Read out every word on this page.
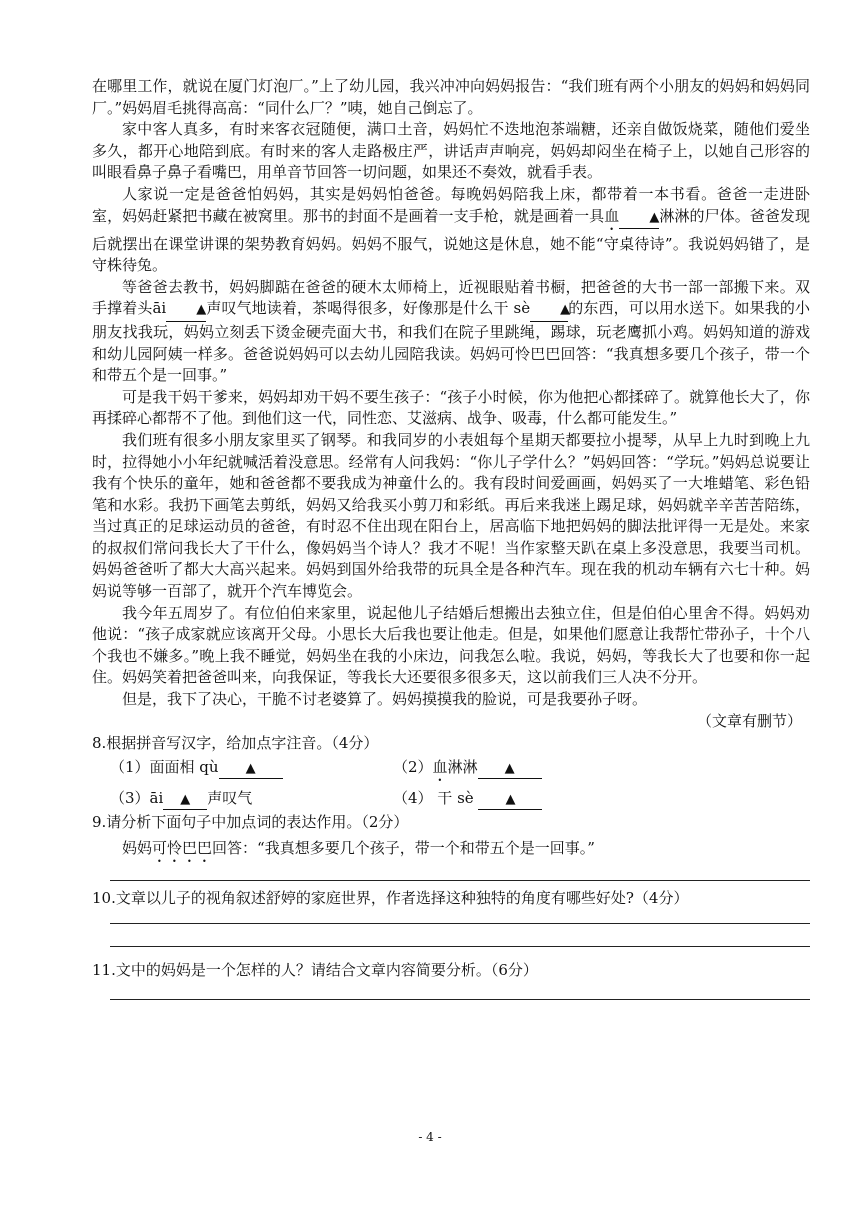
在哪里工作，就说在厦门灯泡厂。”上了幼儿园，我兴冲冲向妈妈报告：“我们班有两个小朋友的妈妈和妈妈同厂。”妈妈眉毛挑得高高：“同什么厂？”咦，她自己倒忘了。

家中客人真多，有时来客衣冠随便，满口土音，妈妈忙不迭地泡茶端糖，还亲自做饭烧菜，随他们爱坐多久，都开心地陪到底。有时来的客人走路极庄严，讲话声声响亮，妈妈却闷坐在椅子上，以她自己形容的叫眼看鼻子鼻子看嘴巴，用单音节回答一切问题，如果还不奏效，就看手表。

人家说一定是爸爸怕妈妈，其实是妈妈怕爸爸。每晚妈妈陪我上床，都带着一本书看。爸爸一走进卧室，妈妈赶紧把书藏在被窝里。那书的封面不是画着一支手枪，就是画着一具血 ▲淋淋的尸体。爸爸发现后就摆出在课堂讲课的架势教育妈妈。妈妈不服气，说她这是休息，她不能“守桌待诗”。我说妈妈错了，是守株待兔。

等爸爸去教书，妈妈脚踮在爸爸的硬木太师椅上，近视眼贴着书橱，把爸爸的大书一部一部搬下来。双手撑着头āi ▲声叹气地读着，茶喝得很多，好像那是什么干 sè ▲的东西，可以用水送下。如果我的小朋友找我玩，妈妈立刻丢下烫金硬壳面大书，和我们在院子里跳绳，踢球，玩老鹰抓小鸡。妈妈知道的游戏和幼儿园阿姨一样多。爸爸说妈妈可以去幼儿园陪我读。妈妈可怜巴巴回答：“我真想多要几个孩子，带一个和带五个是一回事。”

可是我干妈干爹来，妈妈却劝干妈不要生孩子：“孩子小时候，你为他把心都揉碎了。就算他长大了，你再揉碎心都帮不了他。到他们这一代，同性恋、艾滋病、战争、吸毒，什么都可能发生。”

我们班有很多小朋友家里买了钢琴。和我同岁的小表姐每个星期天都要拉小提琴，从早上九时到晚上九时，拉得她小小年纪就喊活着没意思。经常有人问我妈：“你儿子学什么？”妈妈回答：“学玩。”妈妈总说要让我有个快乐的童年，她和爸爸都不要我成为神童什么的。我有段时间爱画画，妈妈买了一大堆蜡笔、彩色铅笔和水彩。我扔下画笔去剪纸，妈妈又给我买小剪刀和彩纸。再后来我迷上踢足球，妈妈就辛辛苦苦陪练，当过真正的足球运动员的爸爸，有时忍不住出现在阳台上，居高临下地把妈妈的脚法批评得一无是处。来家的叔叔们常问我长大了干什么，像妈妈当个诗人？我才不呢！当作家整天趴在桌上多没意思，我要当司机。妈妈爸爸听了都大大高兴起来。妈妈到国外给我带的玩具全是各种汽车。现在我的机动车辆有六七十种。妈妈说等够一百部了，就开个汽车博览会。

我今年五周岁了。有位伯伯来家里，说起他儿子结婚后想搬出去独立住，但是伯伯心里舍不得。妈妈劝他说：“孩子成家就应该离开父母。小思长大后我也要让他走。但是，如果他们愿意让我帮忙带孙子，十个八个我也不嫌多。”晚上我不睡觉，妈妈坐在我的小床边，问我怎么啦。我说，妈妈，等我长大了也要和你一起住。妈妈笑着把爸爸叫来，向我保证，等我长大还要很多很多天，这以前我们三人决不分开。

但是，我下了决心，干脆不讨老婆算了。妈妈摸摸我的脸说，可是我要孙子呀。

（文章有删节）

8.根据拼音写汉字，给加点字注音。（4分）

（1）面面相 qù ▲	（2）血淋淋 ▲
（3）āi ▲ 声叹气	（4） 干 sè ▲

9.请分析下面句子中加点词的表达作用。（2分）

妈妈可怜巴巴回答：“我真想多要几个孩子，带一个和带五个是一回事。”

10.文章以儿子的视角叙述舒婷的家庭世界，作者选择这种独特的角度有哪些好处?（4分）

11.文中的妈妈是一个怎样的人？请结合文章内容简要分析。（6分）

- 4 -
